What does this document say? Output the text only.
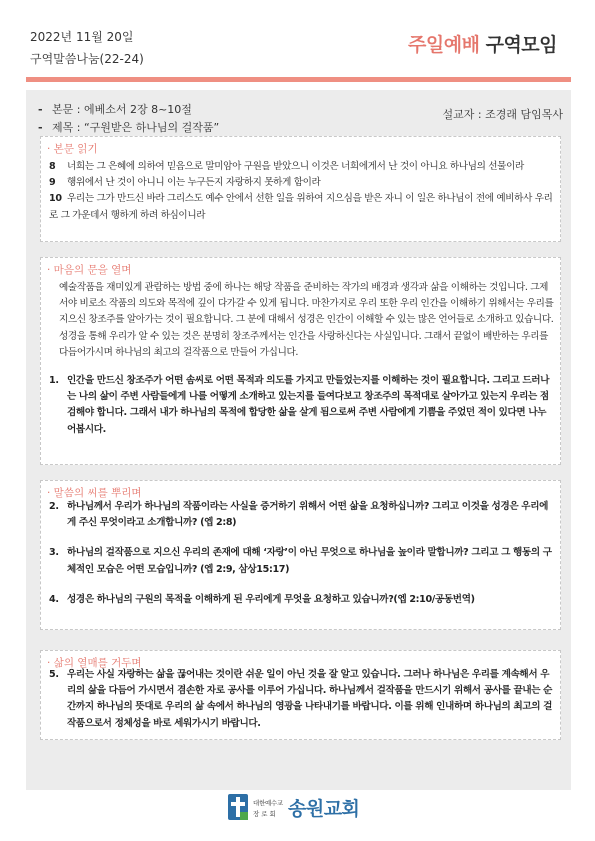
2022년 11월 20일
구역말씀나눔(22-24)
주일예배 구역모임
- 본문 : 에베소서 2장 8~10절
- 제목 : “구원받은 하나님의 걸작품”
설교자 : 조경래 담임목사
· 본문 읽기
8 너희는 그 은혜에 의하여 믿음으로 말미암아 구원을 받았으니 이것은 너희에게서 난 것이 아니요 하나님의 선물이라
9 행위에서 난 것이 아니니 이는 누구든지 자랑하지 못하게 함이라
10 우리는 그가 만드신 바라 그리스도 예수 안에서 선한 일을 위하여 지으심을 받은 자니 이 일은 하나님이 전에 예비하사 우리로 그 가운데서 행하게 하려 하심이니라
· 마음의 문을 열며
예술작품을 재미있게 관람하는 방법 중에 하나는 해당 작품을 준비하는 작가의 배경과 생각과 삶을 이해하는 것입니다. 그제서야 비로소 작품의 의도와 목적에 깊이 다가갈 수 있게 됩니다. 마찬가지로 우리 또한 우리 인간을 이해하기 위해서는 우리를 지으신 창조주를 알아가는 것이 필요합니다. 그 분에 대해서 성경은 인간이 이해할 수 있는 많은 언어들로 소개하고 있습니다. 성경을 통해 우리가 알 수 있는 것은 분명히 창조주께서는 인간을 사랑하신다는 사실입니다. 그래서 끝없이 배반하는 우리를 다듬어가시며 하나님의 최고의 걸작품으로 만들어 가십니다.
1. 인간을 만드신 창조주가 어떤 솜씨로 어떤 목적과 의도를 가지고 만들었는지를 이해하는 것이 필요합니다. 그리고 드러나는 나의 삶이 주변 사람들에게 나를 어떻게 소개하고 있는지를 들여다보고 창조주의 목적대로 살아가고 있는지 우리는 점검해야 합니다. 그래서 내가 하나님의 목적에 합당한 삶을 살게 됨으로써 주변 사람에게 기쁨을 주었던 적이 있다면 나누어봅시다.
· 말씀의 씨를 뿌리며
2. 하나님께서 우리가 하나님의 작품이라는 사실을 증거하기 위해서 어떤 삶을 요청하십니까? 그리고 이것을 성경은 우리에게 주신 무엇이라고 소개합니까? (엡 2:8)
3. 하나님의 걸작품으로 지으신 우리의 존재에 대해 ‘자랑’이 아닌 무엇으로 하나님을 높이라 말합니까? 그리고 그 행동의 구체적인 모습은 어떤 모습입니까? (엡 2:9, 삼상15:17)
4. 성경은 하나님의 구원의 목적을 이해하게 된 우리에게 무엇을 요청하고 있습니까?(엡 2:10/공동번역)
· 삶의 열매를 거두며
5. 우리는 사실 자랑하는 삶을 끊어내는 것이란 쉬운 일이 아닌 것을 잘 알고 있습니다. 그러나 하나님은 우리를 계속해서 우리의 삶을 다듬어 가시면서 겸손한 자로 공사를 이루어 가십니다. 하나님께서 걸작품을 만드시기 위해서 공사를 끝내는 순간까지 하나님의 뜻대로 우리의 삶 속에서 하나님의 영광을 나타내기를 바랍니다. 이를 위해 인내하며 하나님의 최고의 걸작품으로서 정체성을 바로 세워가시기 바랍니다.
대한예수교
장로회 송원교회
